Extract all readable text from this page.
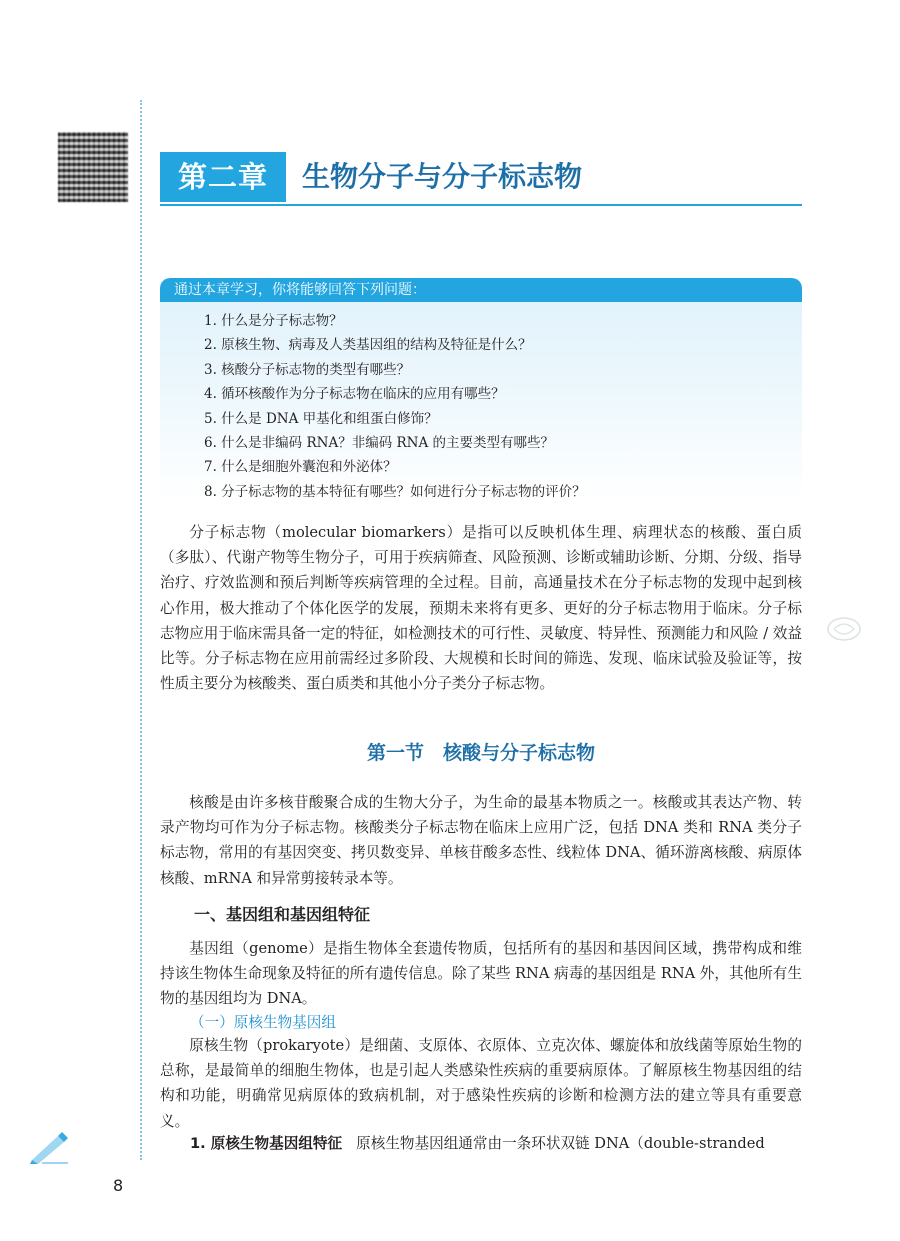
第二章	生物分子与分子标志物
通过本章学习，你将能够回答下列问题：
1. 什么是分子标志物？
2. 原核生物、病毒及人类基因组的结构及特征是什么？
3. 核酸分子标志物的类型有哪些？
4. 循环核酸作为分子标志物在临床的应用有哪些？
5. 什么是 DNA 甲基化和组蛋白修饰？
6. 什么是非编码 RNA？非编码 RNA 的主要类型有哪些？
7. 什么是细胞外囊泡和外泌体？
8. 分子标志物的基本特征有哪些？如何进行分子标志物的评价？

分子标志物（molecular biomarkers）是指可以反映机体生理、病理状态的核酸、蛋白质（多肽）、代谢产物等生物分子，可用于疾病筛查、风险预测、诊断或辅助诊断、分期、分级、指导治疗、疗效监测和预后判断等疾病管理的全过程。目前，高通量技术在分子标志物的发现中起到核心作用，极大推动了个体化医学的发展，预期未来将有更多、更好的分子标志物用于临床。分子标志物应用于临床需具备一定的特征，如检测技术的可行性、灵敏度、特异性、预测能力和风险 / 效益比等。分子标志物在应用前需经过多阶段、大规模和长时间的筛选、发现、临床试验及验证等，按性质主要分为核酸类、蛋白质类和其他小分子类分子标志物。

第一节　核酸与分子标志物

核酸是由许多核苷酸聚合成的生物大分子，为生命的最基本物质之一。核酸或其表达产物、转录产物均可作为分子标志物。核酸类分子标志物在临床上应用广泛，包括 DNA 类和 RNA 类分子标志物，常用的有基因突变、拷贝数变异、单核苷酸多态性、线粒体 DNA、循环游离核酸、病原体核酸、mRNA 和异常剪接转录本等。

一、基因组和基因组特征

基因组（genome）是指生物体全套遗传物质，包括所有的基因和基因间区域，携带构成和维持该生物体生命现象及特征的所有遗传信息。除了某些 RNA 病毒的基因组是 RNA 外，其他所有生物的基因组均为 DNA。

（一）原核生物基因组

原核生物（prokaryote）是细菌、支原体、衣原体、立克次体、螺旋体和放线菌等原始生物的总称，是最简单的细胞生物体，也是引起人类感染性疾病的重要病原体。了解原核生物基因组的结构和功能，明确常见病原体的致病机制，对于感染性疾病的诊断和检测方法的建立等具有重要意义。

1. 原核生物基因组特征 原核生物基因组通常由一条环状双链 DNA（double-stranded

8
